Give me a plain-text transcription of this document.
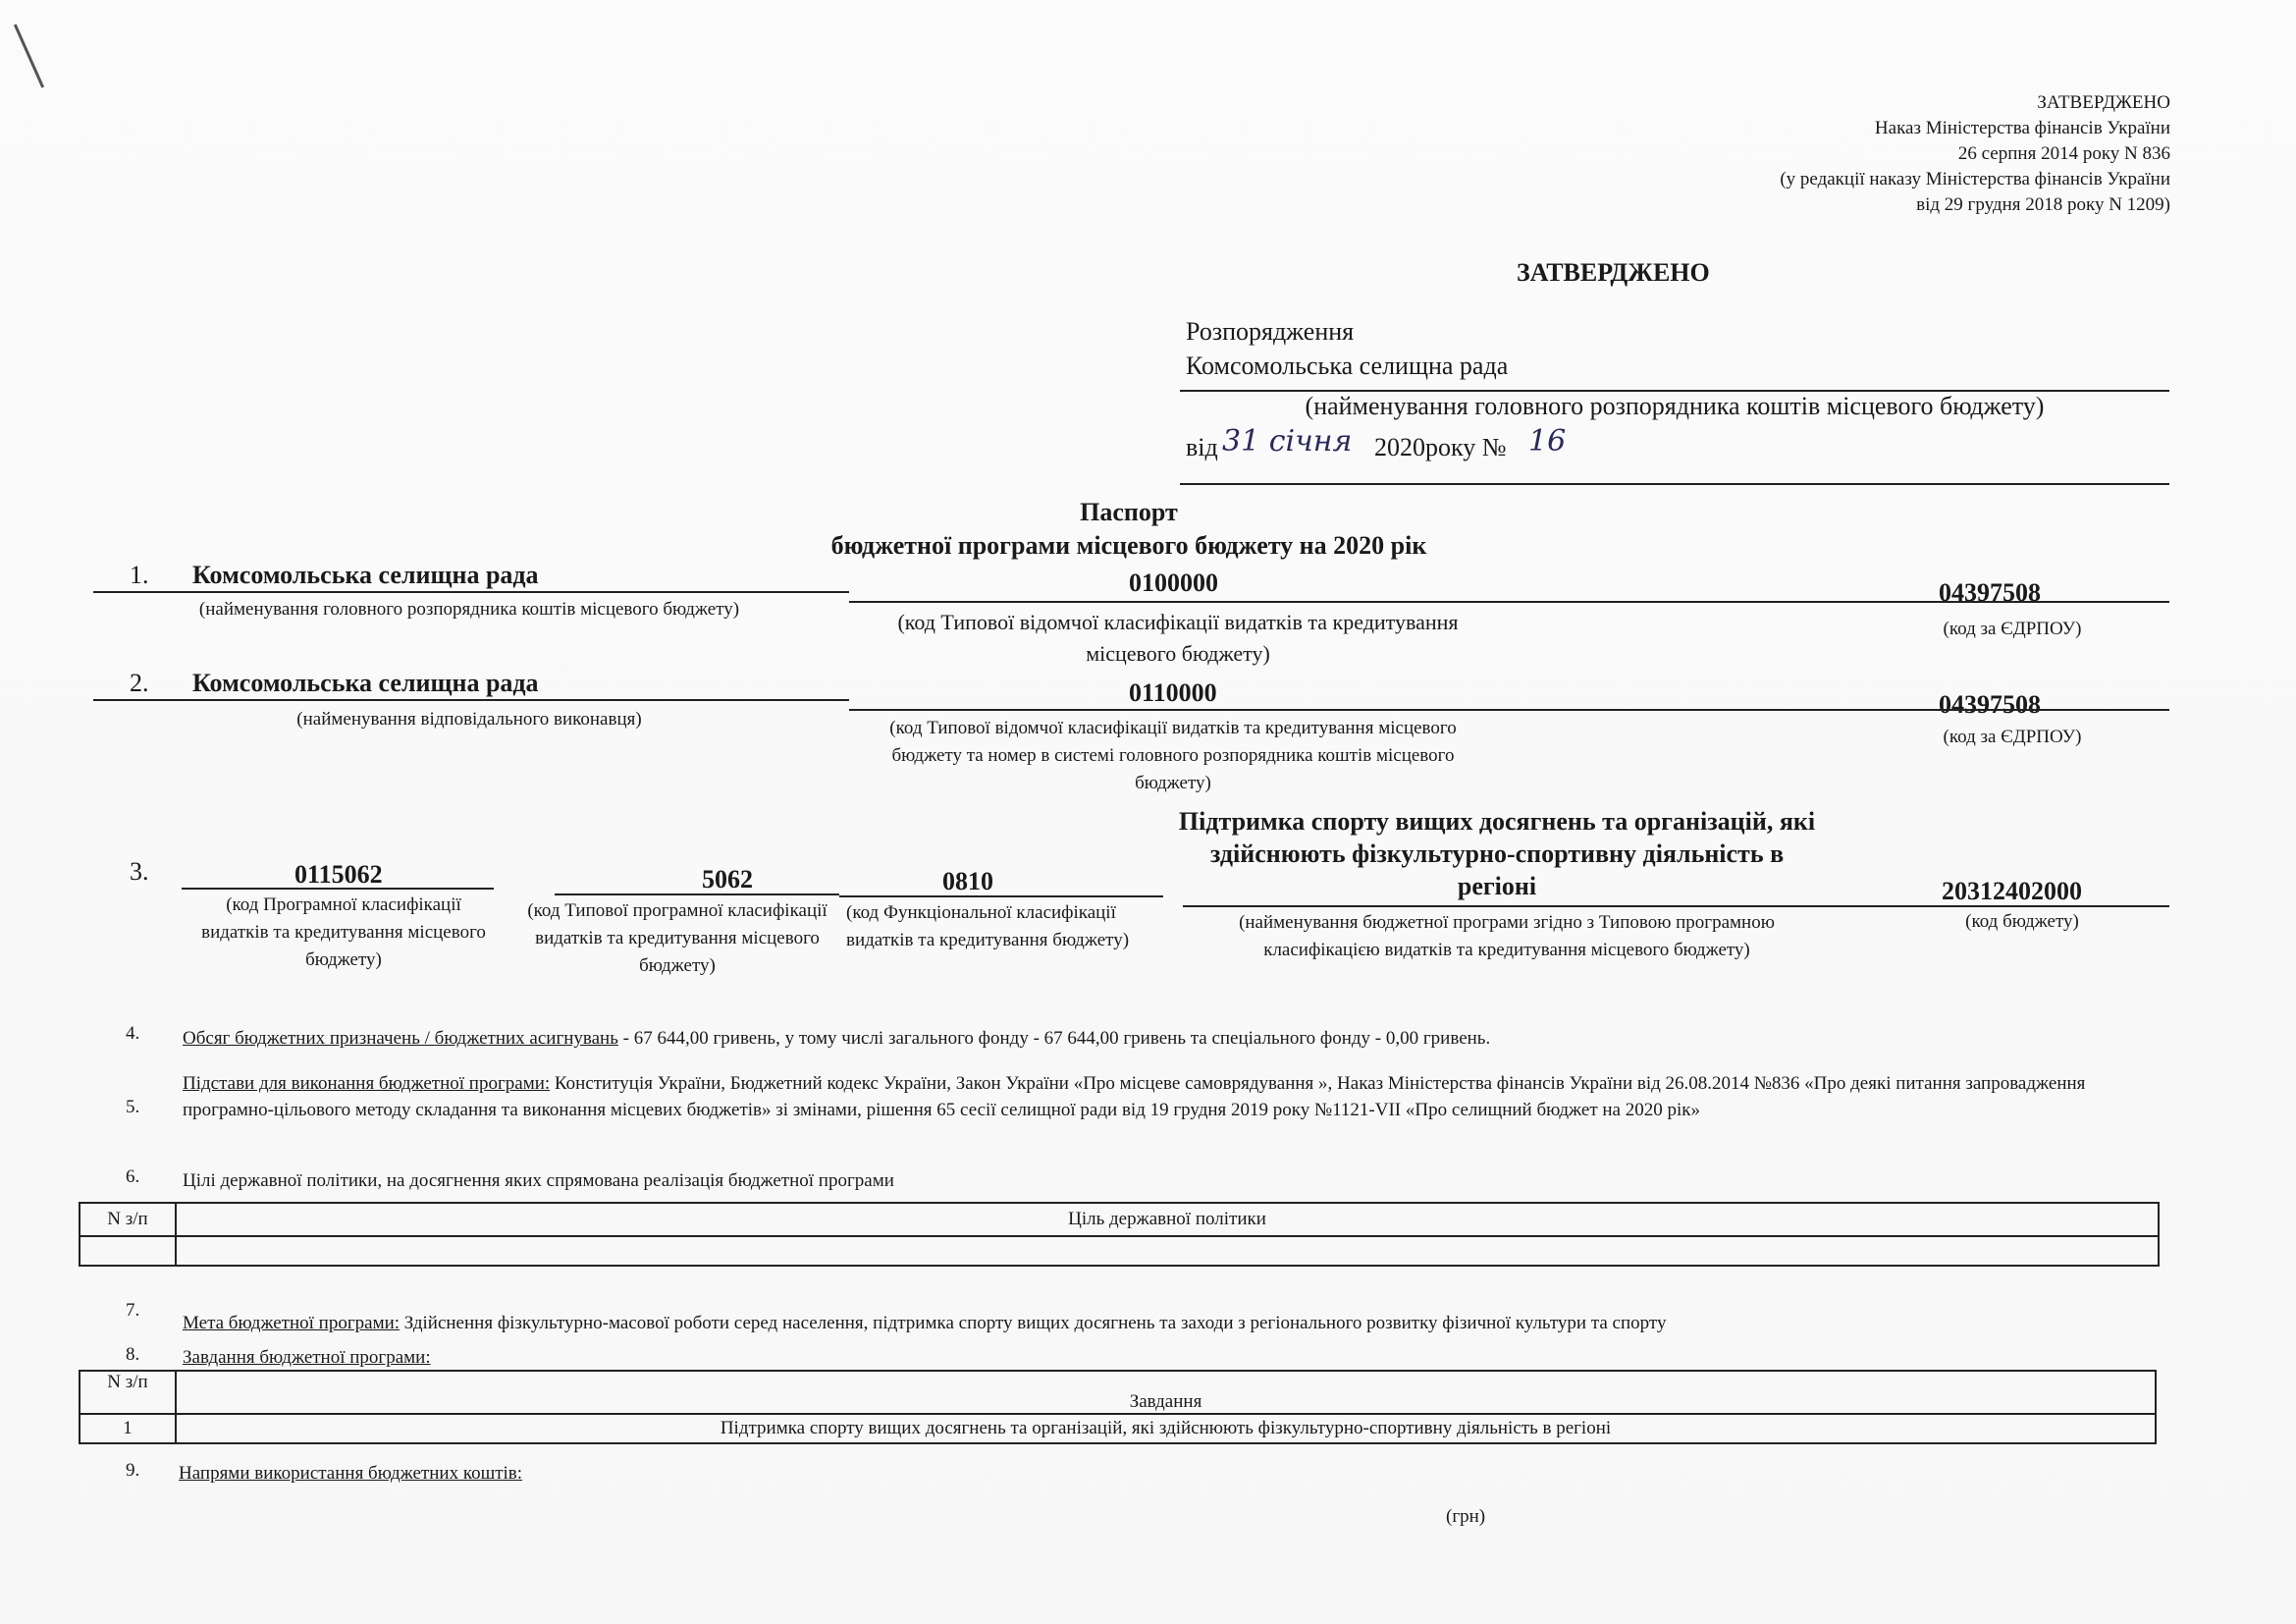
ЗАТВЕРДЖЕНО
Наказ Міністерства фінансів України
26 серпня 2014 року N 836
(у редакції наказу Міністерства фінансів України
від 29 грудня 2018 року N 1209)
ЗАТВЕРДЖЕНО
Розпорядження
Комсомольська селищна рада
(найменування головного розпорядника коштів місцевого бюджету)
від 31 січня 2020року № 16
Паспорт
бюджетної програми місцевого бюджету на 2020 рік
1. Комсомольська селищна рада	0100000	04397508
(найменування головного розпорядника коштів місцевого бюджету)
(код Типової відомчої класифікації видатків та кредитування місцевого бюджету)
(код за ЄДРПОУ)
2. Комсомольська селищна рада	0110000	04397508
(найменування відповідального виконавця)	(код Типової відомчої класифікації видатків та кредитування місцевого бюджету та номер в системі головного розпорядника коштів місцевого бюджету)
(код за ЄДРПОУ)
Підтримка спорту вищих досягнень та організацій, які здійснюють фізкультурно-спортивну діяльність в регіоні
3.	0115062	5062	0810	20312402000
(код Програмної класифікації видатків та кредитування місцевого бюджету)
(код Типової програмної класифікації видатків та кредитування місцевого бюджету)
(код Функціональної класифікації видатків та кредитування бюджету)
(найменування бюджетної програми згідно з Типовою програмною класифікацією видатків та кредитування місцевого бюджету)
(код бюджету)
4. Обсяг бюджетних призначень / бюджетних асигнувань - 67 644,00 гривень, у тому числі загального фонду - 67 644,00 гривень та спеціального фонду - 0,00 гривень.
5.
Підстави для виконання бюджетної програми: Конституція України, Бюджетний кодекс України, Закон України «Про місцеве самоврядування », Наказ Міністерства фінансів України від 26.08.2014 №836 «Про деякі питання запровадження програмно-цільового методу складання та виконання місцевих бюджетів» зі змінами, рішення 65 сесії селищної ради від 19 грудня 2019 року №1121-VII «Про селищний бюджет на 2020 рік»
6. Цілі державної політики, на досягнення яких спрямована реалізація бюджетної програми
N з/п	Ціль державної політики

7.
Мета бюджетної програми: Здійснення фізкультурно-масової роботи серед населення, підтримка спорту вищих досягнень та заходи з регіонального розвитку фізичної культури та спорту
8. Завдання бюджетної програми:
N з/п	Завдання
1	Підтримка спорту вищих досягнень та організацій, які здійснюють фізкультурно-спортивну діяльність в регіоні
9. Напрями використання бюджетних коштів:
(грн)
